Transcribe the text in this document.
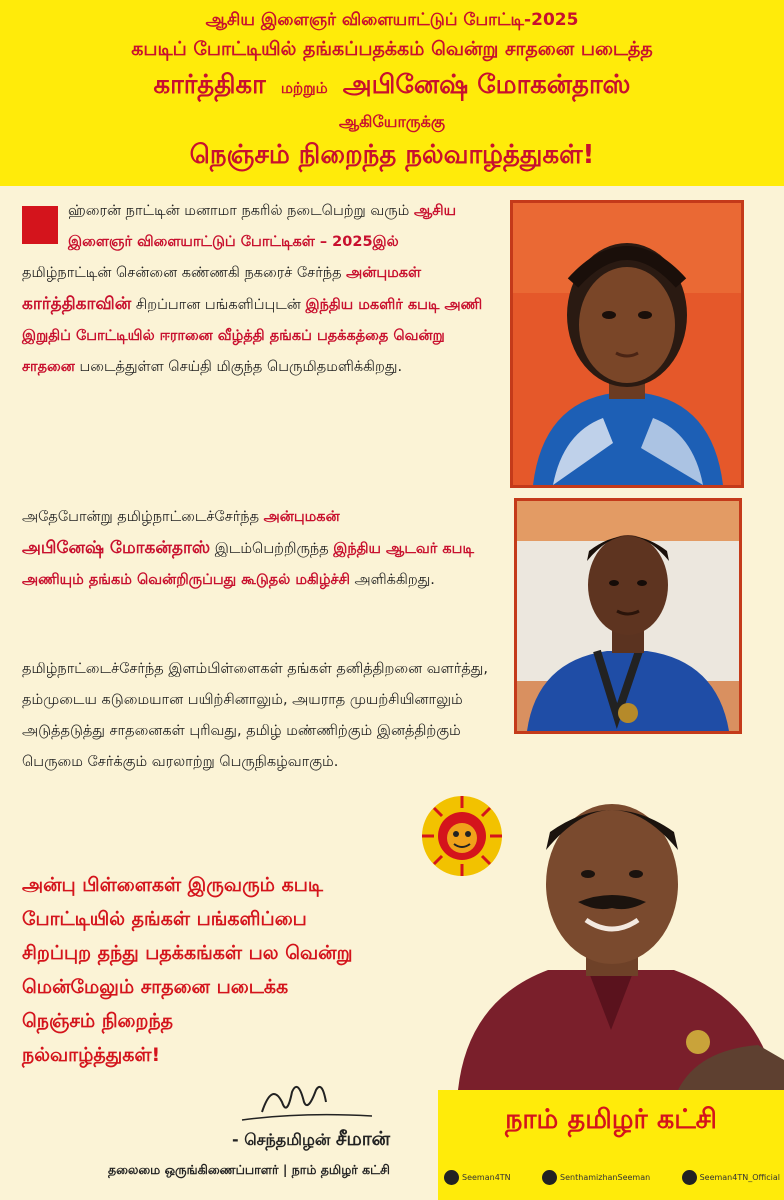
ஆசிய இளைஞர் விளையாட்டுப் போட்டி-2025
கபடிப் போட்டியில் தங்கப்பதக்கம் வென்று சாதனை படைத்த
கார்த்திகா மற்றும் அபினேஷ் மோகன்தாஸ்
ஆகியோருக்கு
நெஞ்சம் நிறைந்த நல்வாழ்த்துகள்!
ஹ்ரைன் நாட்டின் மனாமா நகரில் நடைபெற்று வரும் ஆசிய இளைஞர் விளையாட்டுப் போட்டிகள் – 2025இல் தமிழ்நாட்டின் சென்னை கண்ணகி நகரைச் சேர்ந்த அன்புமகள்
கார்த்திகாவின் சிறப்பான பங்களிப்புடன் இந்திய மகளிர் கபடி அணி இறுதிப் போட்டியில் ஈரானை வீழ்த்தி தங்கப் பதக்கத்தை வென்று சாதனை படைத்துள்ள செய்தி மிகுந்த பெருமிதமளிக்கிறது.
அதேபோன்று தமிழ்நாட்டைச்சேர்ந்த அன்புமகன்
அபினேஷ் மோகன்தாஸ் இடம்பெற்றிருந்த இந்திய ஆடவர் கபடி அணியும் தங்கம் வென்றிருப்பது கூடுதல் மகிழ்ச்சி அளிக்கிறது.
தமிழ்நாட்டைச்சேர்ந்த இளம்பிள்ளைகள் தங்கள் தனித்திறனை வளர்த்து, தம்முடைய கடுமையான பயிற்சினாலும், அயராத முயற்சியினாலும் அடுத்தடுத்து சாதனைகள் புரிவது, தமிழ் மண்ணிற்கும் இனத்திற்கும் பெருமை சேர்க்கும் வரலாற்று பெருநிகழ்வாகும்.
அன்பு பிள்ளைகள் இருவரும் கபடி
போட்டியில் தங்கள் பங்களிப்பை
சிறப்புற தந்து பதக்கங்கள் பல வென்று
மென்மேலும் சாதனை படைக்க
நெஞ்சம் நிறைந்த
நல்வாழ்த்துகள்!
நாம் தமிழர் கட்சி
Seeman4TN	SenthamizhanSeeman	Seeman4TN_Official
- செந்தமிழன் சீமான்
தலைமை ஒருங்கிணைப்பாளர் | நாம் தமிழர் கட்சி
